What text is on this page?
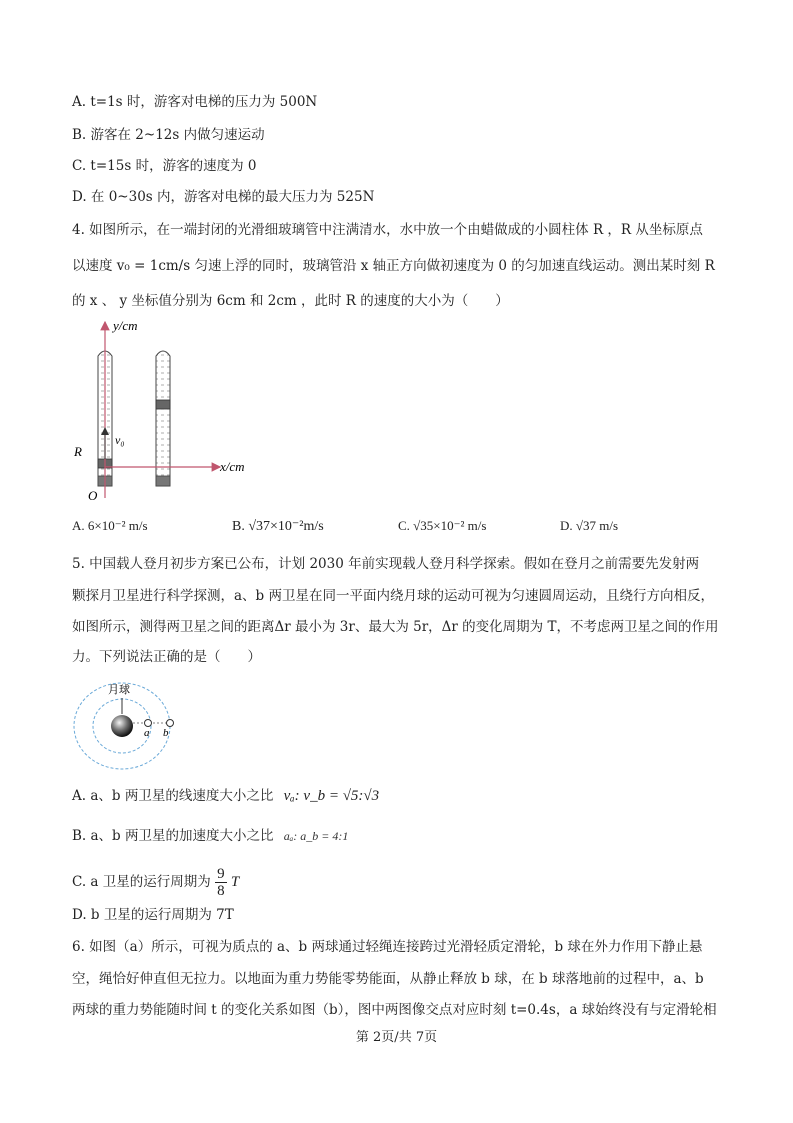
A. t=1s 时，游客对电梯的压力为 500N
B. 游客在 2~12s 内做匀速运动
C. t=15s 时，游客的速度为 0
D. 在 0~30s 内，游客对电梯的最大压力为 525N
4. 如图所示，在一端封闭的光滑细玻璃管中注满清水，水中放一个由蜡做成的小圆柱体 R ，R 从坐标原点
以速度 v₀ = 1cm/s 匀速上浮的同时，玻璃管沿 x 轴正方向做初速度为 0 的匀加速直线运动。测出某时刻 R
的 x 、 y 坐标值分别为 6cm 和 2cm ，此时 R 的速度的大小为（　　）
y/cm
x/cm
O
R
v₀
A. 6×10⁻² m/s	B. √37×10⁻²m/s	C. √35×10⁻² m/s	D. √37 m/s
5. 中国载人登月初步方案已公布，计划 2030 年前实现载人登月科学探索。假如在登月之前需要先发射两
颗探月卫星进行科学探测，a、b 两卫星在同一平面内绕月球的运动可视为匀速圆周运动，且绕行方向相反，
如图所示，测得两卫星之间的距离Δr 最小为 3r、最大为 5r，Δr 的变化周期为 T，不考虑两卫星之间的作用
力。下列说法正确的是（　　）
月球
a b
A. a、b 两卫星的线速度大小之比 vₐ: v_b = √5:√3
B. a、b 两卫星的加速度大小之比 aₐ: a_b = 4:1
C. a 卫星的运行周期为 $\frac{9}{8}$ T
D. b 卫星的运行周期为 7T
6. 如图（a）所示，可视为质点的 a、b 两球通过轻绳连接跨过光滑轻质定滑轮，b 球在外力作用下静止悬
空，绳恰好伸直但无拉力。以地面为重力势能零势能面，从静止释放 b 球，在 b 球落地前的过程中，a、b
两球的重力势能随时间 t 的变化关系如图（b），图中两图像交点对应时刻 t=0.4s，a 球始终没有与定滑轮相
第 2页/共 7页
